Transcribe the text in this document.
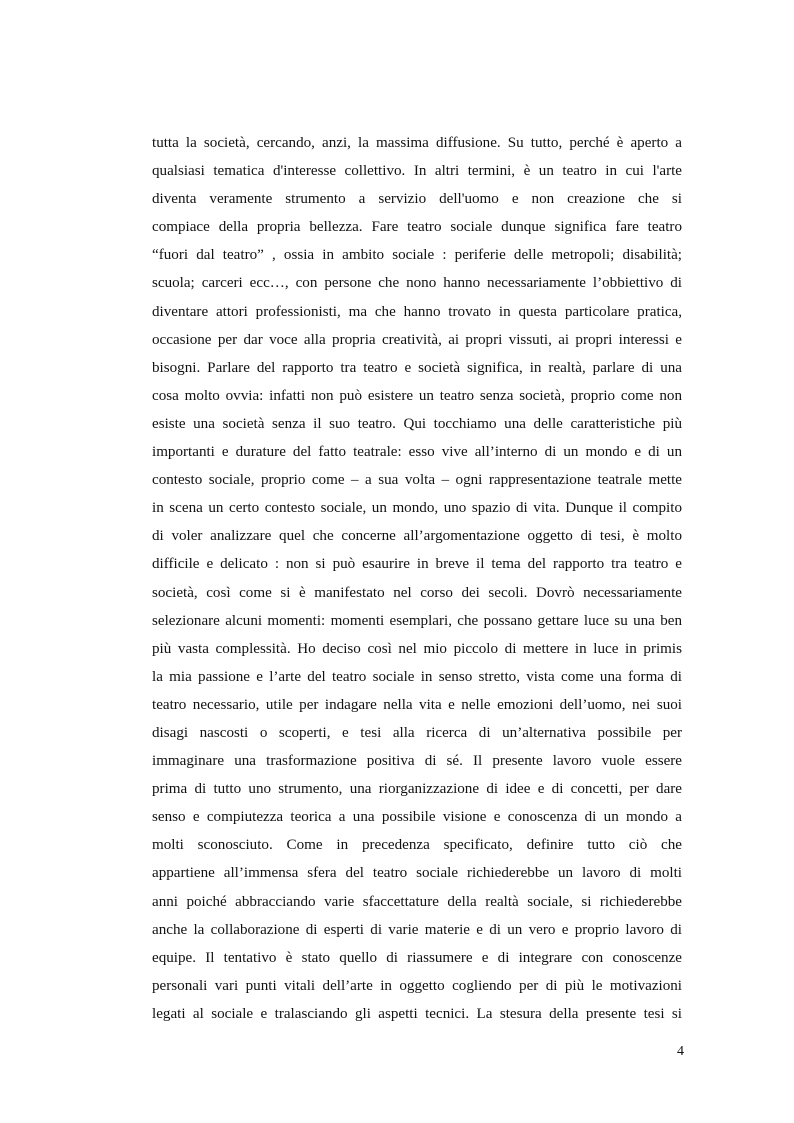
tutta la società, cercando, anzi, la massima diffusione. Su tutto, perché è aperto a
qualsiasi tematica d'interesse collettivo. In altri termini, è un teatro in cui l'arte
diventa veramente strumento a servizio dell'uomo e non creazione che si
compiace della propria bellezza. Fare teatro sociale dunque significa fare teatro
“fuori dal teatro” , ossia in ambito sociale : periferie delle metropoli; disabilità;
scuola; carceri ecc…, con persone che nono hanno necessariamente l’obbiettivo di
diventare attori professionisti, ma che hanno trovato in questa particolare pratica,
occasione per dar voce alla propria creatività, ai propri vissuti, ai propri interessi e
bisogni. Parlare del rapporto tra teatro e società significa, in realtà, parlare di una
cosa molto ovvia: infatti non può esistere un teatro senza società, proprio come non
esiste una società senza il suo teatro. Qui tocchiamo una delle caratteristiche più
importanti e durature del fatto teatrale: esso vive all’interno di un mondo e di un
contesto sociale, proprio come – a sua volta – ogni rappresentazione teatrale mette
in scena un certo contesto sociale, un mondo, uno spazio di vita. Dunque il compito
di voler analizzare quel che concerne all’argomentazione oggetto di tesi, è molto
difficile e delicato : non si può esaurire in breve il tema del rapporto tra teatro e
società, così come si è manifestato nel corso dei secoli. Dovrò necessariamente
selezionare alcuni momenti: momenti esemplari, che possano gettare luce su una ben
più vasta complessità. Ho deciso così nel mio piccolo di mettere in luce in primis
la mia passione e l’arte del teatro sociale in senso stretto, vista come una forma di
teatro necessario, utile per indagare nella vita e nelle emozioni dell’uomo, nei suoi
disagi nascosti o scoperti, e tesi alla ricerca di un’alternativa possibile per
immaginare una trasformazione positiva di sé. Il presente lavoro vuole essere
prima di tutto uno strumento, una riorganizzazione di idee e di concetti, per dare
senso e compiutezza teorica a una possibile visione e conoscenza di un mondo a
molti sconosciuto. Come in precedenza specificato, definire tutto ciò che
appartiene all’immensa sfera del teatro sociale richiederebbe un lavoro di molti
anni poiché abbracciando varie sfaccettature della realtà sociale, si richiederebbe
anche la collaborazione di esperti di varie materie e di un vero e proprio lavoro di
equipe. Il tentativo è stato quello di riassumere e di integrare con conoscenze
personali vari punti vitali dell’arte in oggetto cogliendo per di più le motivazioni
legati al sociale e tralasciando gli aspetti tecnici. La stesura della presente tesi si
4
